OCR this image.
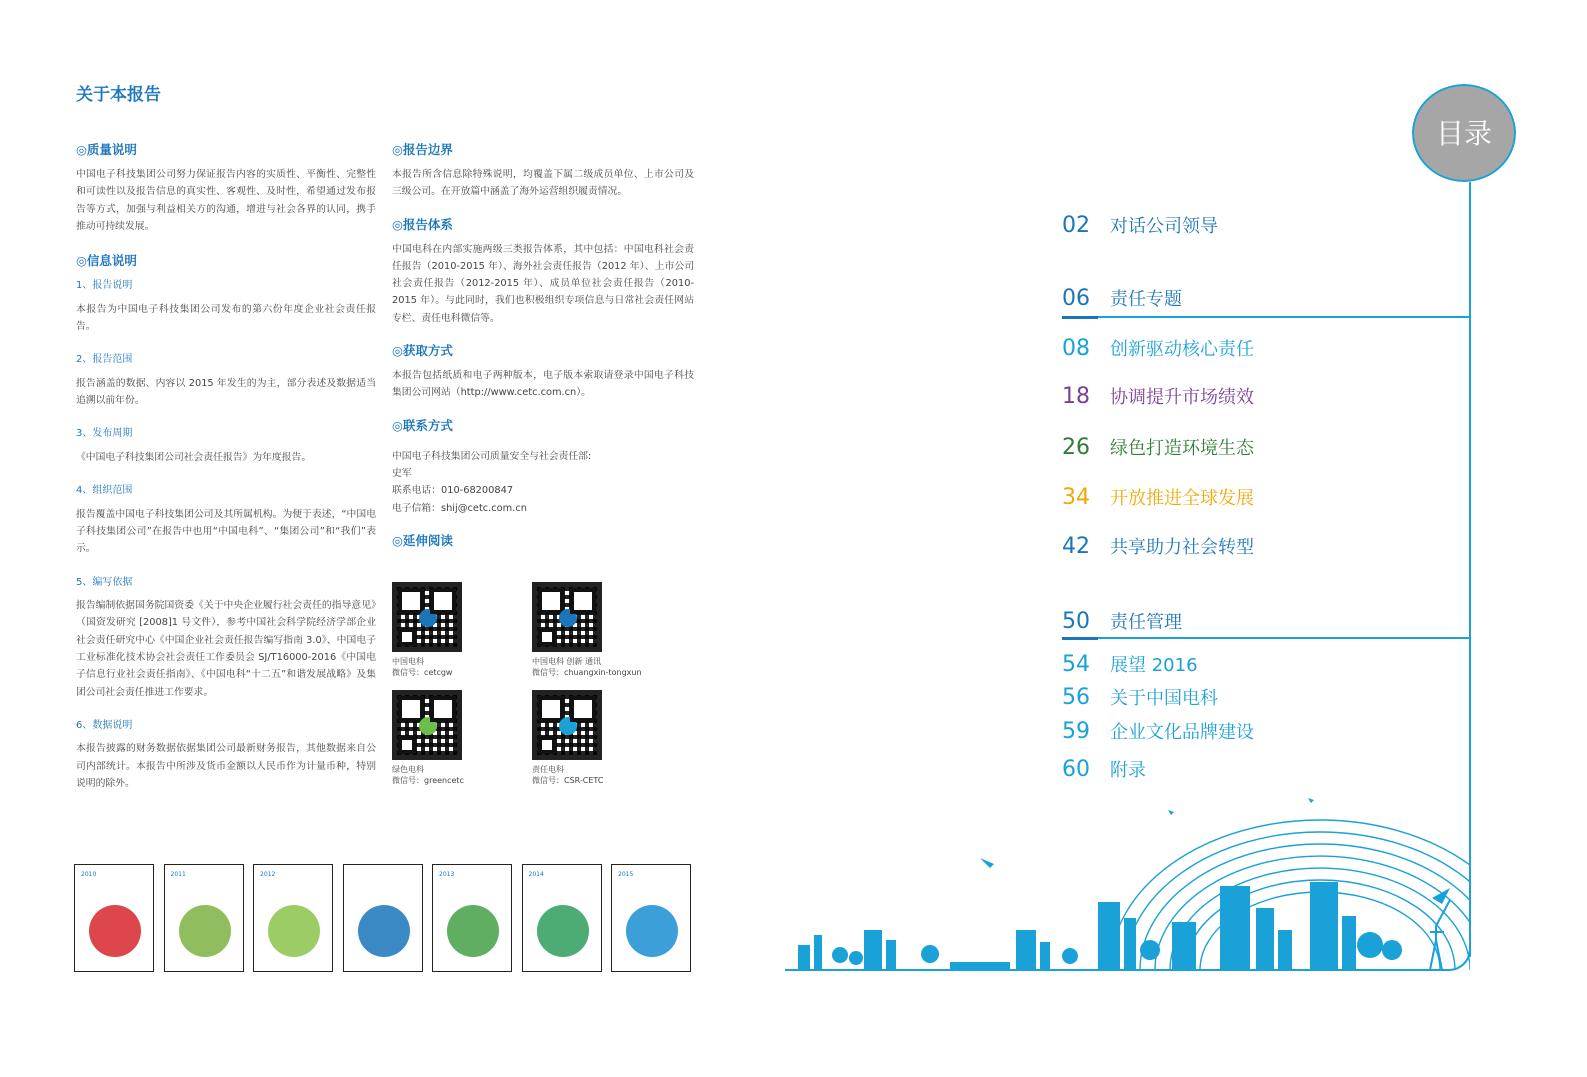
关于本报告
◎质量说明
中国电子科技集团公司努力保证报告内容的实质性、平衡性、完整性和可读性以及报告信息的真实性、客观性、及时性，希望通过发布报告等方式，加强与利益相关方的沟通，增进与社会各界的认同，携手推动可持续发展。
◎信息说明
1、报告说明
本报告为中国电子科技集团公司发布的第六份年度企业社会责任报告。
2、报告范围
报告涵盖的数据、内容以 2015 年发生的为主，部分表述及数据适当追溯以前年份。
3、发布周期
《中国电子科技集团公司社会责任报告》为年度报告。
4、组织范围
报告覆盖中国电子科技集团公司及其所属机构。为便于表述，“中国电子科技集团公司”在报告中也用“中国电科”、“集团公司”和“我们”表示。
5、编写依据
报告编制依据国务院国资委《关于中央企业履行社会责任的指导意见》（国资发研究 [2008]1 号文件），参考中国社会科学院经济学部企业社会责任研究中心《中国企业社会责任报告编写指南 3.0》、中国电子工业标准化技术协会社会责任工作委员会 SJ/T16000-2016《中国电子信息行业社会责任指南》、《中国电科“十二五”和谐发展战略》及集团公司社会责任推进工作要求。
6、数据说明
本报告披露的财务数据依据集团公司最新财务报告，其他数据来自公司内部统计。本报告中所涉及货币金额以人民币作为计量币种，特别说明的除外。
◎报告边界
本报告所含信息除特殊说明，均覆盖下属二级成员单位、上市公司及三级公司。在开放篇中涵盖了海外运营组织履责情况。
◎报告体系
中国电科在内部实施两级三类报告体系，其中包括：中国电科社会责任报告（2010-2015 年）、海外社会责任报告（2012 年）、上市公司社会责任报告（2012-2015 年）、成员单位社会责任报告（2010-2015 年）。与此同时，我们也积极组织专项信息与日常社会责任网站专栏、责任电科微信等。
◎获取方式
本报告包括纸质和电子两种版本，电子版本索取请登录中国电子科技集团公司网站（http://www.cetc.com.cn）。
◎联系方式
中国电子科技集团公司质量安全与社会责任部:
史军
联系电话：010-68200847
电子信箱：shij@cetc.com.cn
◎延伸阅读
中国电科
微信号：cetcgw
中国电科 创新 通讯
微信号：chuangxin-tongxun
绿色电科
微信号：greencetc
责任电科
微信号：CSR-CETC
2010	2011	2012	2013	2014	2015
目录
02 对话公司领导
06 责任专题
08 创新驱动核心责任
18 协调提升市场绩效
26 绿色打造环境生态
34 开放推进全球发展
42 共享助力社会转型
50 责任管理
54 展望 2016
56 关于中国电科
59 企业文化品牌建设
60 附录
